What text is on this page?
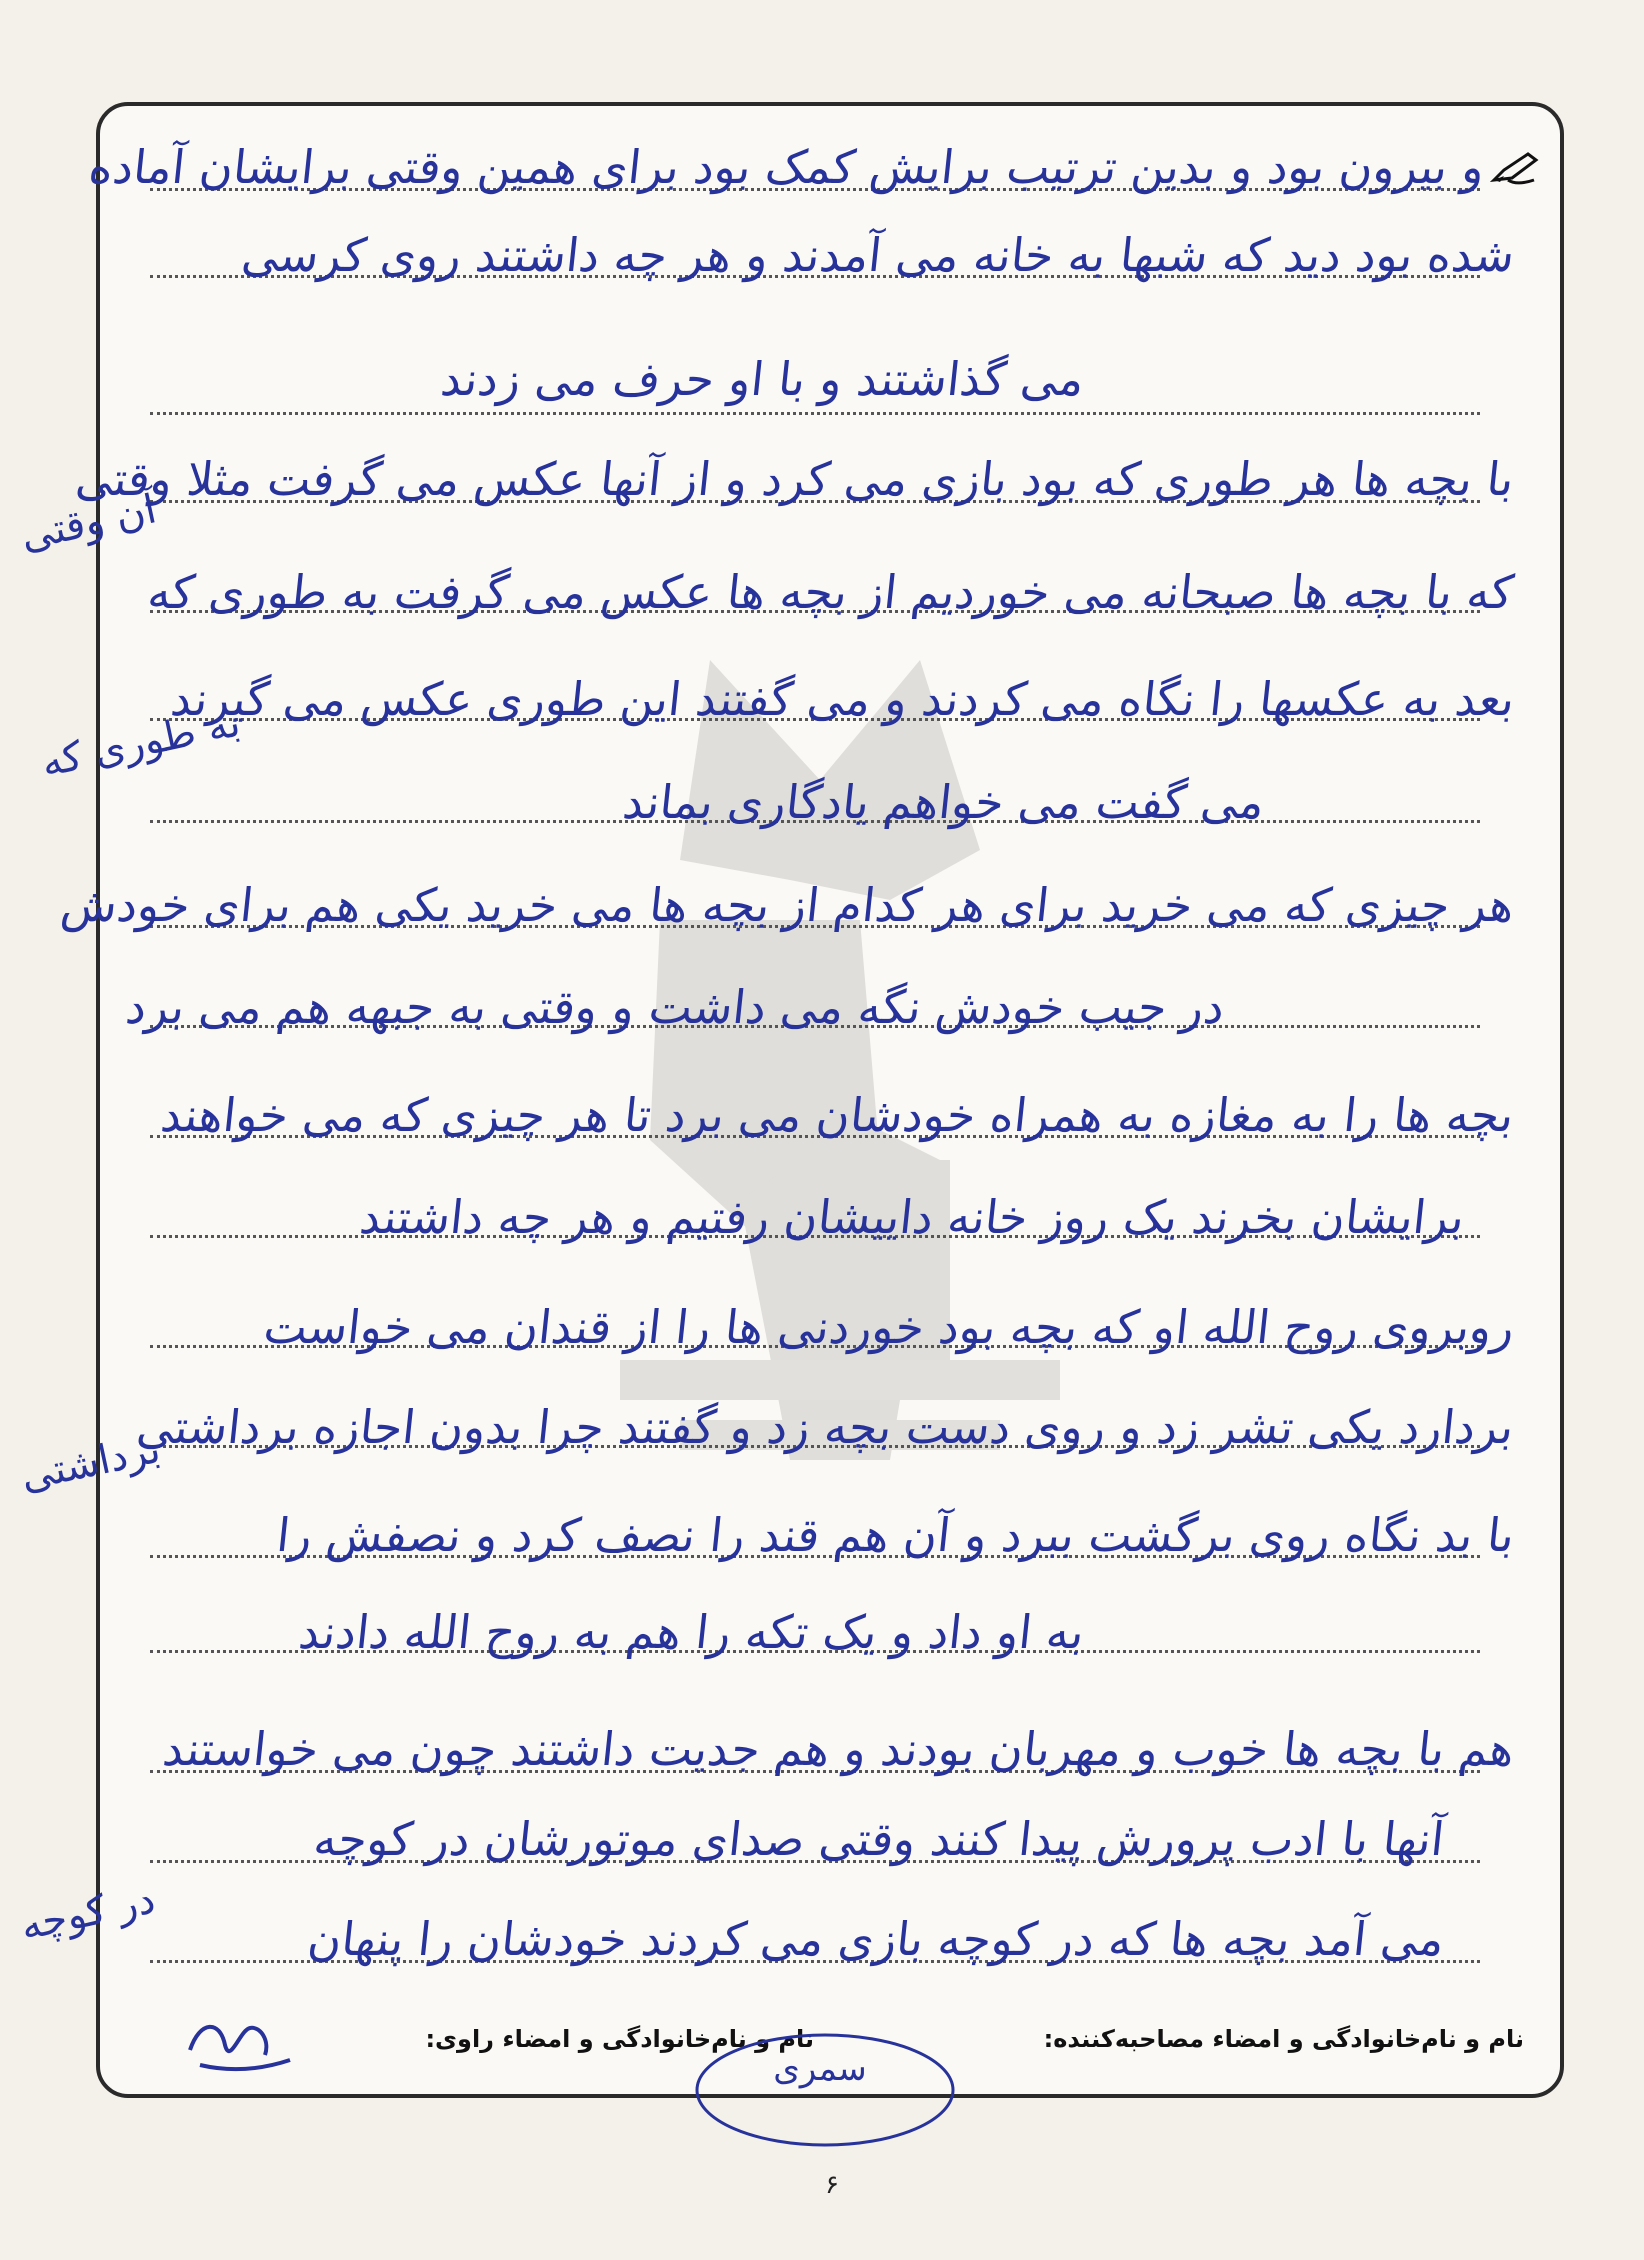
و بیرون بود و بدین ترتیب برایش کمک بود برای همین وقتی برایشان آماده
شده بود دید که شبها به خانه می آمدند و هر چه داشتند روی کرسی
می گذاشتند و با او حرف می زدند
با بچه ها هر طوری که بود بازی می کرد و از آنها عکس می گرفت مثلا وقتی
که با بچه ها صبحانه می خوردیم از بچه ها عکس می گرفت به طوری که
بعد به عکسها را نگاه می کردند و می گفتند این طوری عکس می گیرند
می گفت می خواهم یادگاری بماند
هر چیزی که می خرید برای هر کدام از بچه ها می خرید یکی هم برای خودش
در جیب خودش نگه می داشت و وقتی به جبهه هم می برد
بچه ها را به مغازه به همراه خودشان می برد تا هر چیزی که می خواهند
برایشان بخرند یک روز خانه داییشان رفتیم و هر چه داشتند
روبروی روح الله او که بچه بود خوردنی ها را از قندان می خواست
بردارد یکی تشر زد و روی دست بچه زد و گفتند چرا بدون اجازه برداشتی
با بد نگاه روی برگشت ببرد و آن هم قند را نصف کرد و نصفش را
به او داد و یک تکه را هم به روح الله دادند
هم با بچه ها خوب و مهربان بودند و هم جدیت داشتند چون می خواستند
آنها با ادب پرورش پیدا کنند وقتی صدای موتورشان در کوچه
می آمد بچه ها که در کوچه بازی می کردند خودشان را پنهان
آن وقتی
به طوری که
برداشتی
در کوچه
نام و نام‌خانوادگی و امضاء مصاحبه‌کننده:
نام و نام‌خانوادگی و امضاء راوی:
سمری
۶
